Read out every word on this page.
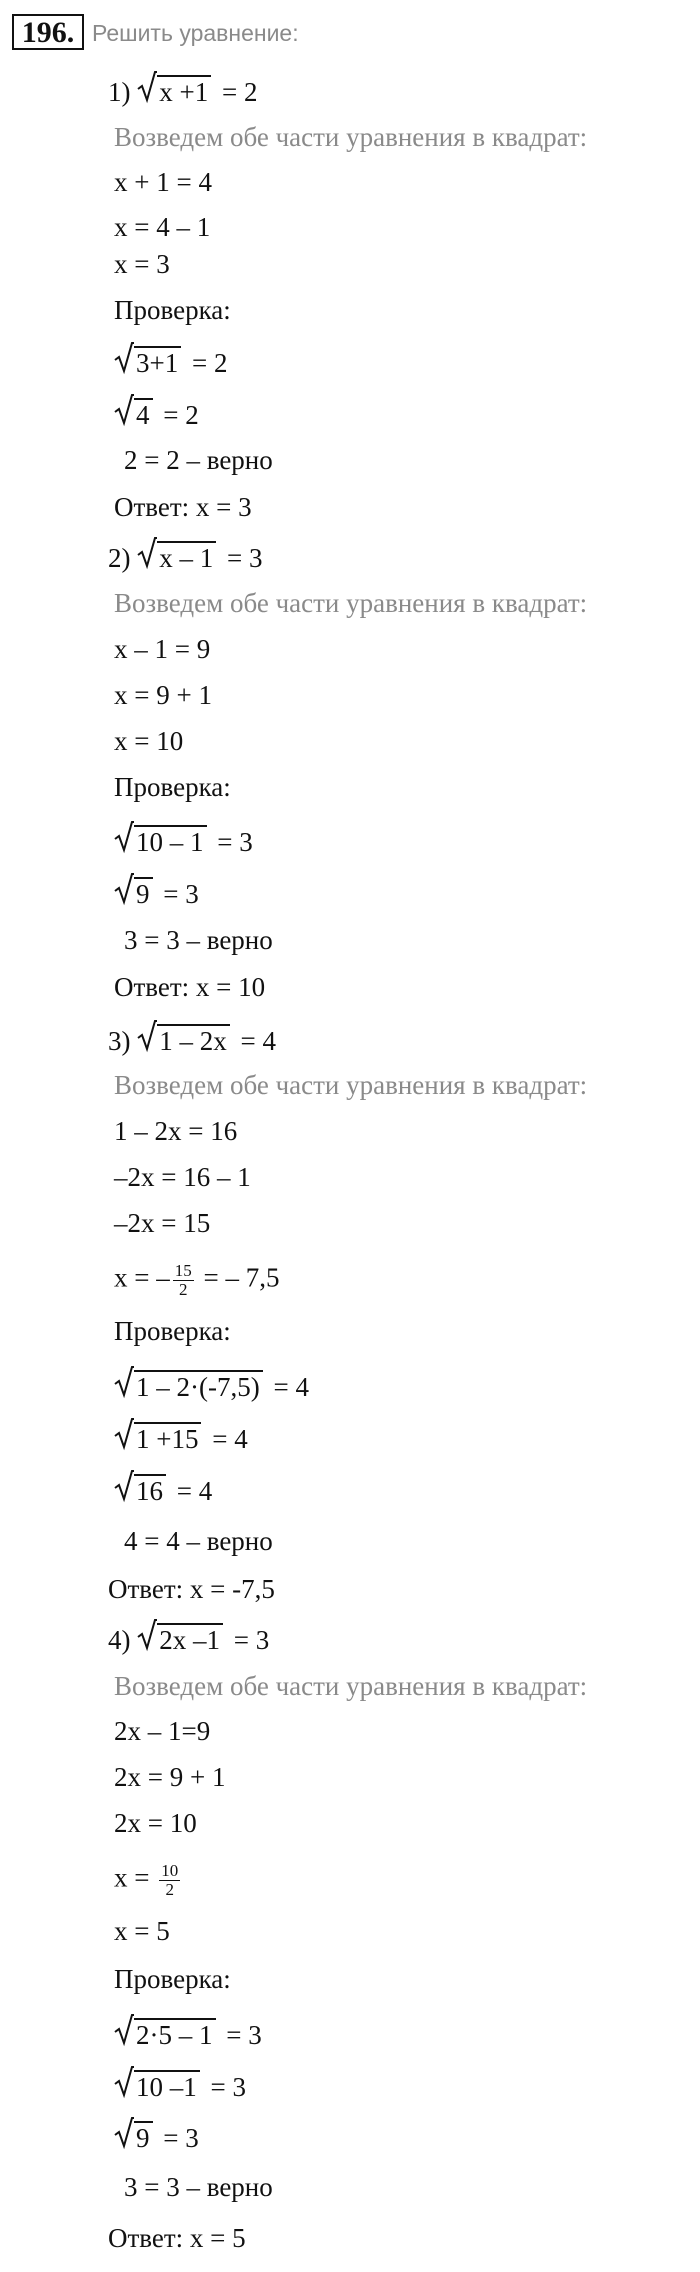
196. Решить уравнение:
1) x +1 = 2
Возведем обе части уравнения в квадрат:
x + 1 = 4
x = 4 – 1
x = 3
Проверка:
3+1 = 2
4 = 2
2 = 2 – верно
Ответ: x = 3
2) x – 1 = 3
Возведем обе части уравнения в квадрат:
x – 1 = 9
x = 9 + 1
x = 10
Проверка:
10 – 1 = 3
9 = 3
3 = 3 – верно
Ответ: x = 10
3) 1 – 2x = 4
Возведем обе части уравнения в квадрат:
1 – 2x = 16
–2x = 16 – 1
–2x = 15
x = – $\frac{15}{2}$ = – 7,5
Проверка:
1 – 2·(-7,5) = 4
1 +15 = 4
16 = 4
4 = 4 – верно
Ответ: x = -7,5
4) 2x –1 = 3
Возведем обе части уравнения в квадрат:
2x – 1=9
2x = 9 + 1
2x = 10
$x = \frac{10}{2}$
x = 5
Проверка:
2·5 – 1 = 3
10 –1 = 3
9 = 3
3 = 3 – верно
Ответ: x = 5
